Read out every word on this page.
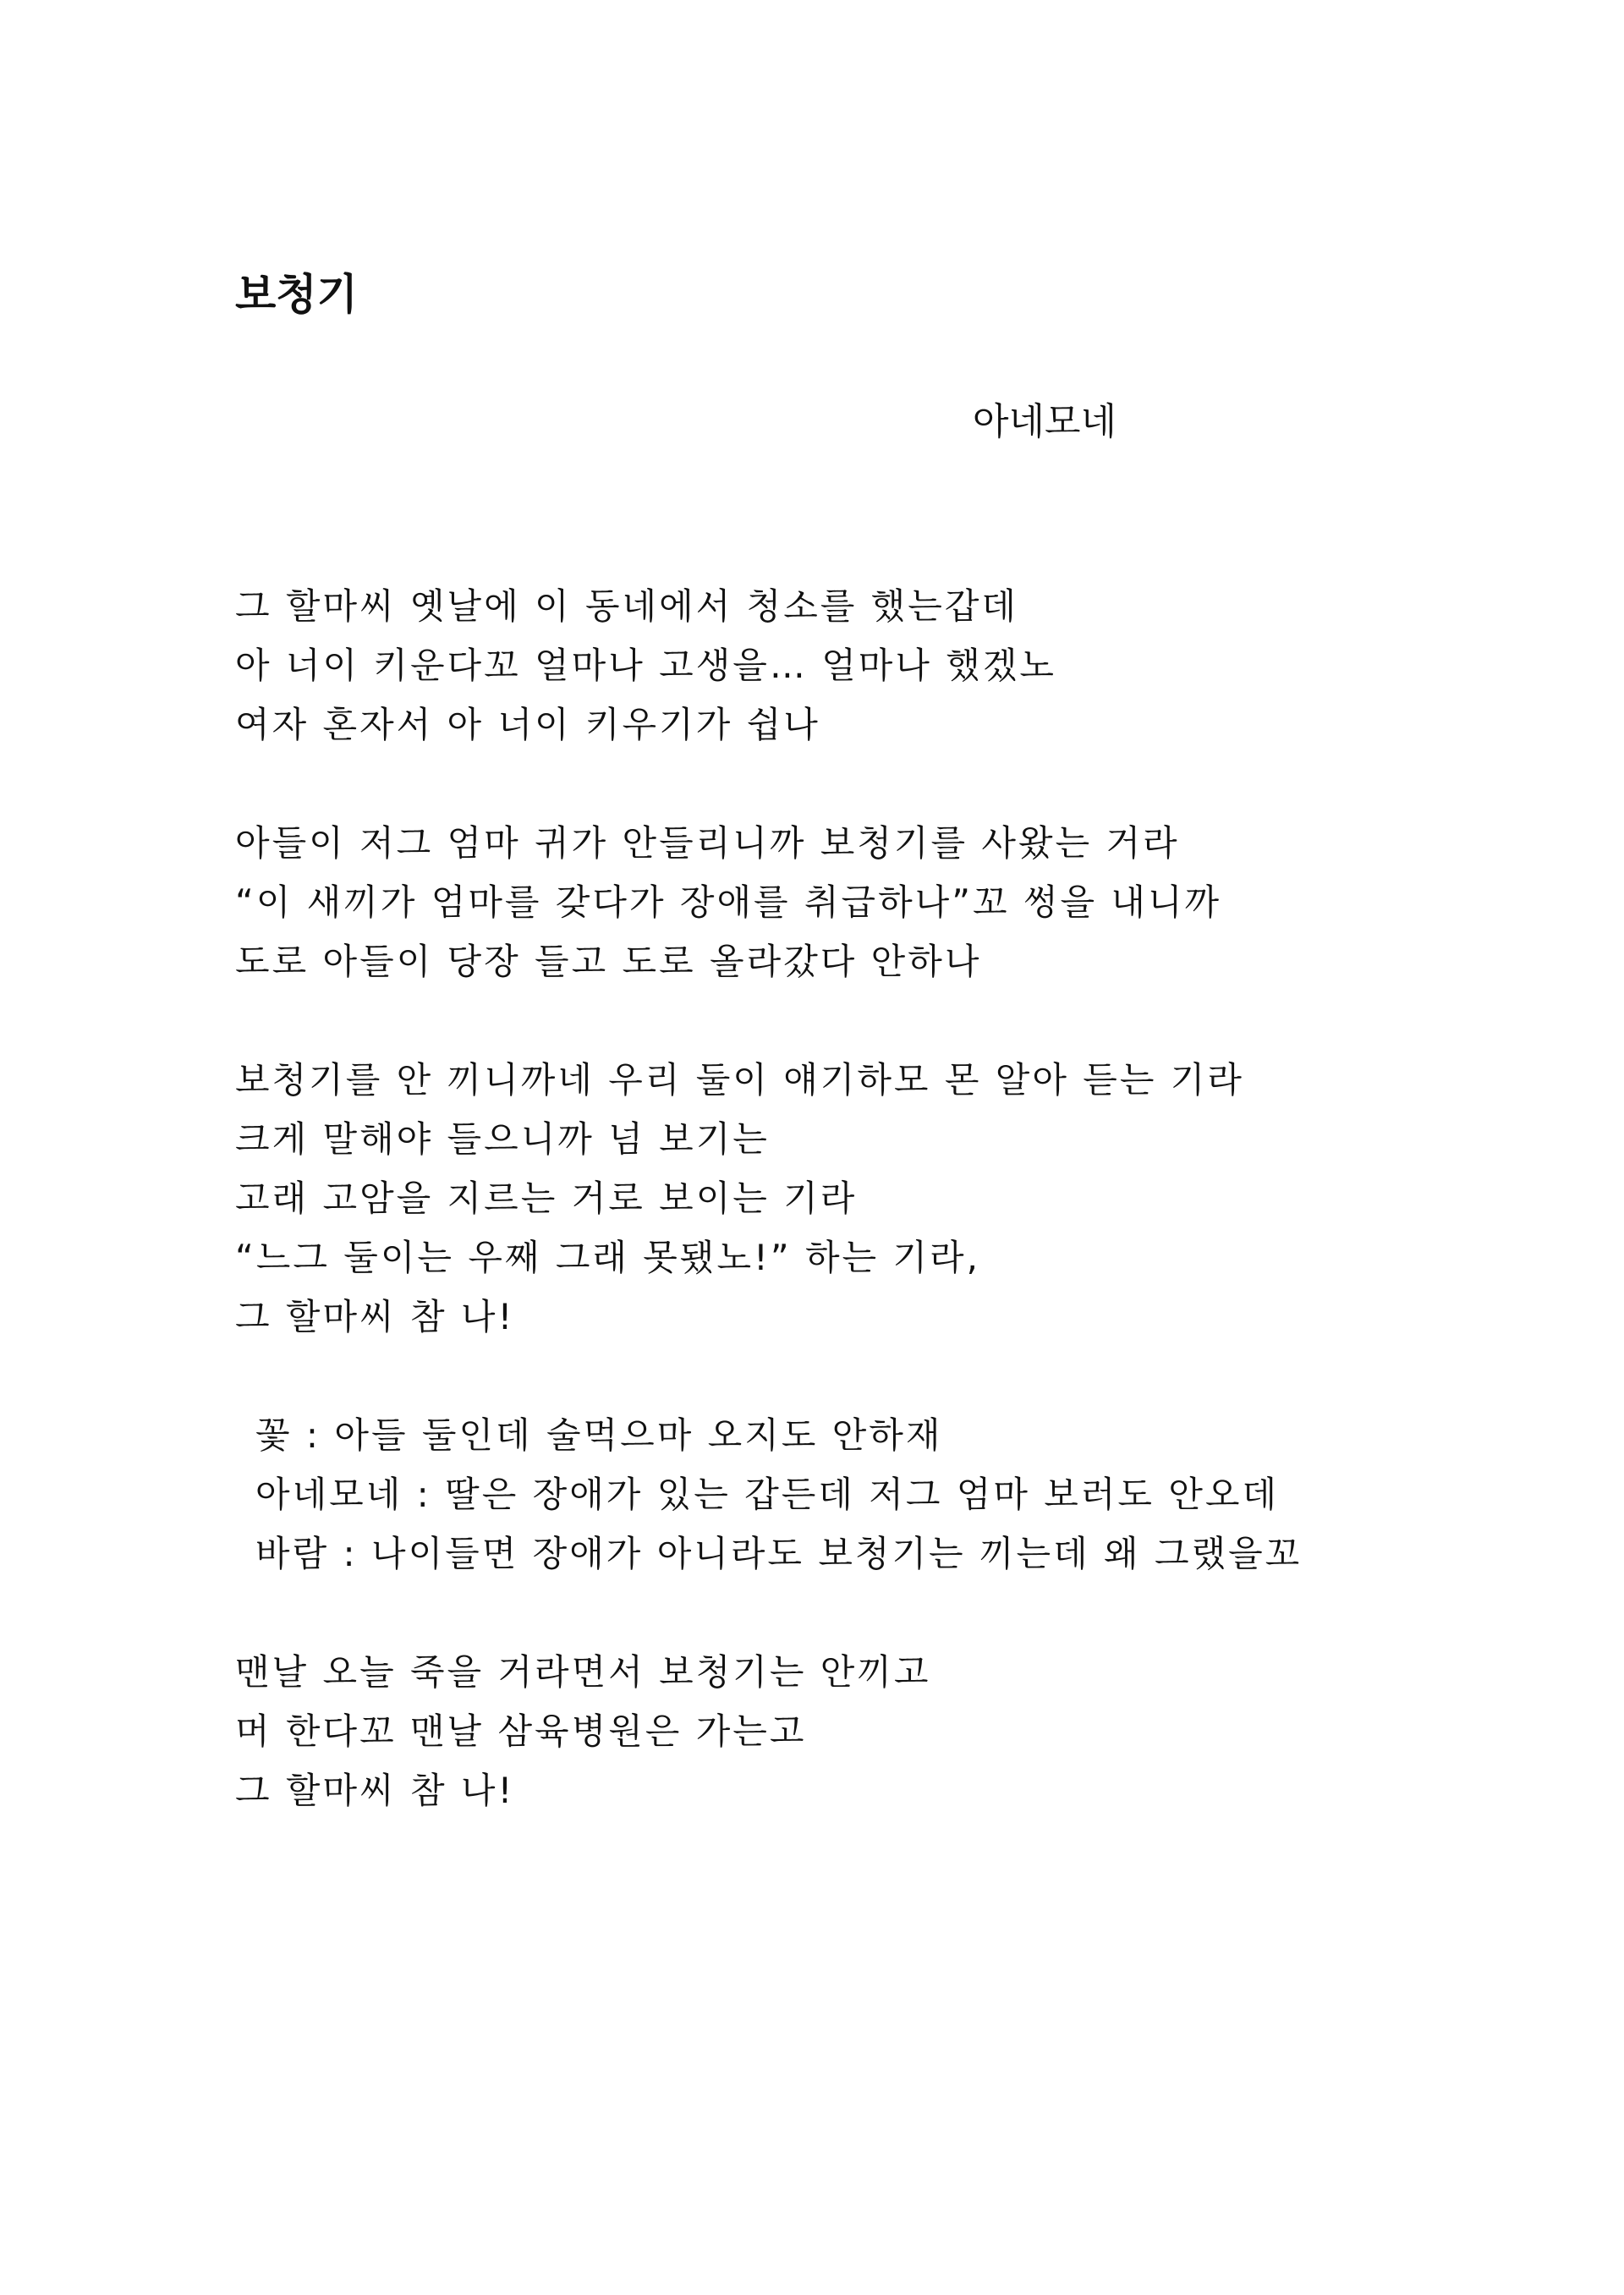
보청기
아네모네
그 할마씨 옛날에 이 동네에서 청소를 했는갑데
아 너이 키운다꼬 얼마나 고생을… 얼마나 했겠노
여자 혼자서 아 너이 키우기가 쉽나
아들이 저그 엄마 귀가 안들리니까 보청기를 사왔는 거라
“이 새끼가 엄마를 갖다가 장애를 취급하나”꼬 썽을 내니까
도로 아들이 당장 들고 도로 올라갔다 안하나
보청기를 안 끼니까네 우리 둘이 얘기하모 몬 알아 듣는 기라
크게 말해야 들으니까 넘 보기는
고래 고암을 지르는 거로 보이는 기라
“느그 둘이는 우째 그래 못됐노!” 하는 기라,
그 할마씨 참 나!
꽃 : 아들 둘인데 술먹으마 오지도 안하재
아네모네 : 딸은 장애가 있는 갑든데 저그 엄마 보러도 안오데
바람 : 나이들면 장애가 아니라도 보청기는 끼는데 왜 그랬을꼬
맨날 오늘 죽을 거라면서 보청기는 안끼고
머 한다꼬 맨날 삼육병원은 가는고
그 할마씨 참 나!
